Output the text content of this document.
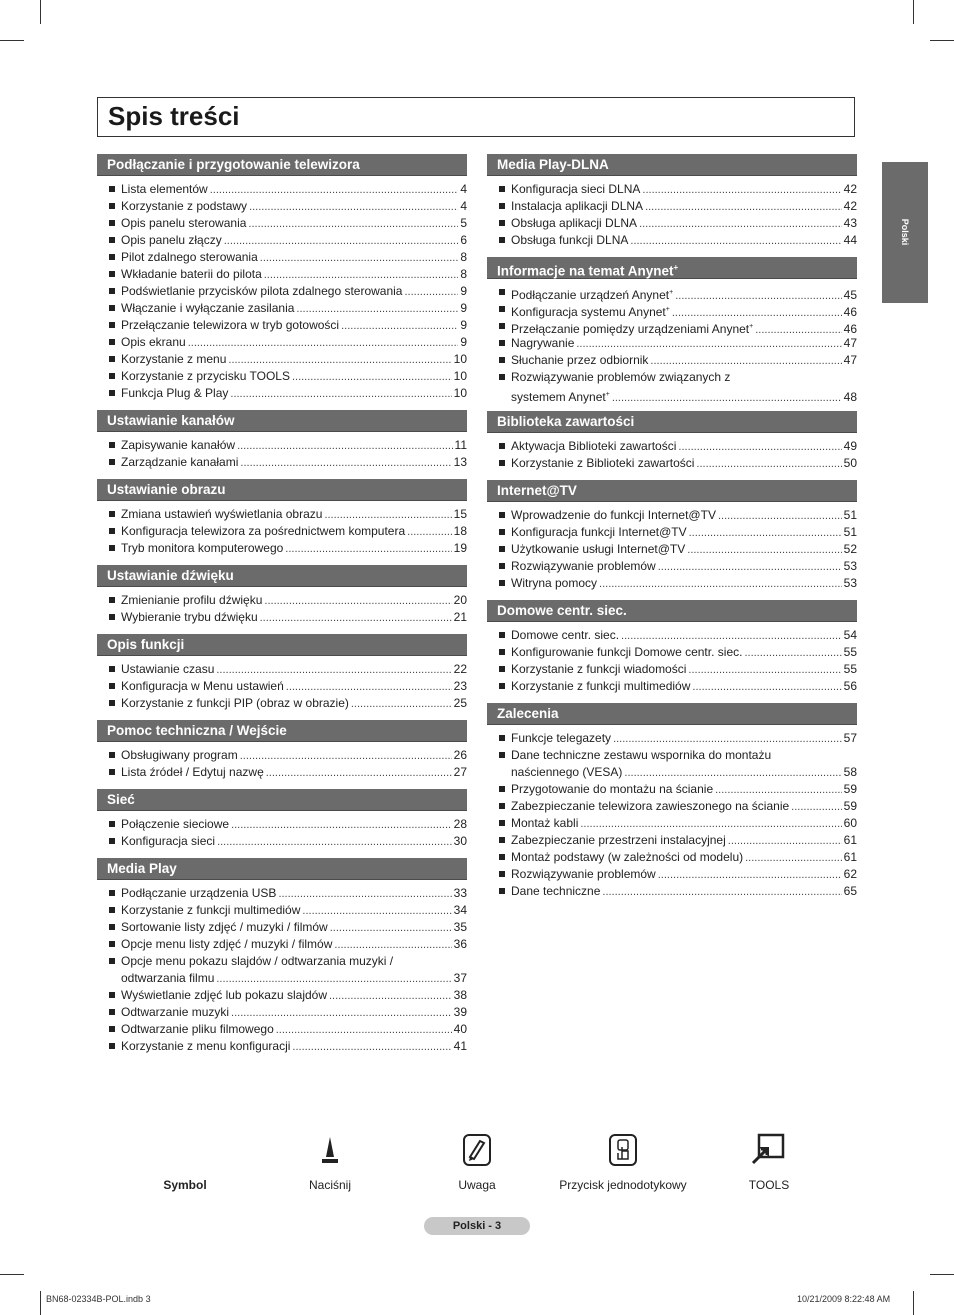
Spis treści
Polski
Podłączanie i przygotowanie telewizora
Lista elementów .....	4
Korzystanie z podstawy .....	4
Opis panelu sterowania .....	5
Opis panelu złączy .....	6
Pilot zdalnego sterowania .....	8
Wkładanie baterii do pilota .....	8
Podświetlanie przycisków pilota zdalnego sterowania .....	9
Włączanie i wyłączanie zasilania .....	9
Przełączanie telewizora w tryb gotowości .....	9
Opis ekranu .....	9
Korzystanie z menu .....	10
Korzystanie z przycisku TOOLS .....	10
Funkcja Plug & Play .....	10
Ustawianie kanałów
Zapisywanie kanałów .....	11
Zarządzanie kanałami .....	13
Ustawianie obrazu
Zmiana ustawień wyświetlania obrazu .....	15
Konfiguracja telewizora za pośrednictwem komputera .....	18
Tryb monitora komputerowego .....	19
Ustawianie dźwięku
Zmienianie profilu dźwięku .....	20
Wybieranie trybu dźwięku .....	21
Opis funkcji
Ustawianie czasu .....	22
Konfiguracja w Menu ustawień .....	23
Korzystanie z funkcji PIP (obraz w obrazie) .....	25
Pomoc techniczna / Wejście
Obsługiwany program .....	26
Lista źródeł / Edytuj nazwę .....	27
Sieć
Połączenie sieciowe .....	28
Konfiguracja sieci .....	30
Media Play
Podłączanie urządzenia USB .....	33
Korzystanie z funkcji multimediów .....	34
Sortowanie listy zdjęć / muzyki / filmów .....	35
Opcje menu listy zdjęć / muzyki / filmów .....	36
Opcje menu pokazu slajdów / odtwarzania muzyki /
odtwarzania filmu .....	37
Wyświetlanie zdjęć lub pokazu slajdów .....	38
Odtwarzanie muzyki .....	39
Odtwarzanie pliku filmowego .....	40
Korzystanie z menu konfiguracji .....	41
Media Play-DLNA
Konfiguracja sieci DLNA .....	42
Instalacja aplikacji DLNA .....	42
Obsługa aplikacji DLNA .....	43
Obsługa funkcji DLNA .....	44
Informacje na temat Anynet+
Podłączanie urządzeń Anynet+ .....	45
Konfiguracja systemu Anynet+ .....	46
Przełączanie pomiędzy urządzeniami Anynet+ .....	46
Nagrywanie .....	47
Słuchanie przez odbiornik .....	47
Rozwiązywanie problemów związanych z
systemem Anynet+ .....	48
Biblioteka zawartości
Aktywacja Biblioteki zawartości .....	49
Korzystanie z Biblioteki zawartości .....	50
Internet@TV
Wprowadzenie do funkcji Internet@TV .....	51
Konfiguracja funkcji Internet@TV .....	51
Użytkowanie usługi Internet@TV .....	52
Rozwiązywanie problemów .....	53
Witryna pomocy .....	53
Domowe centr. siec.
Domowe centr. siec. .....	54
Konfigurowanie funkcji Domowe centr. siec. .....	55
Korzystanie z funkcji wiadomości .....	55
Korzystanie z funkcji multimediów .....	56
Zalecenia
Funkcje telegazety .....	57
Dane techniczne zestawu wspornika do montażu
naściennego (VESA) .....	58
Przygotowanie do montażu na ścianie .....	59
Zabezpieczanie telewizora zawieszonego na ścianie .....	59
Montaż kabli .....	60
Zabezpieczanie przestrzeni instalacyjnej .....	61
Montaż podstawy (w zależności od modelu) .....	61
Rozwiązywanie problemów .....	62
Dane techniczne .....	65
Symbol	Naciśnij	Uwaga	Przycisk jednodotykowy	TOOLS
Polski - 3
BN68-02334B-POL.indb 3	10/21/2009 8:22:48 AM
